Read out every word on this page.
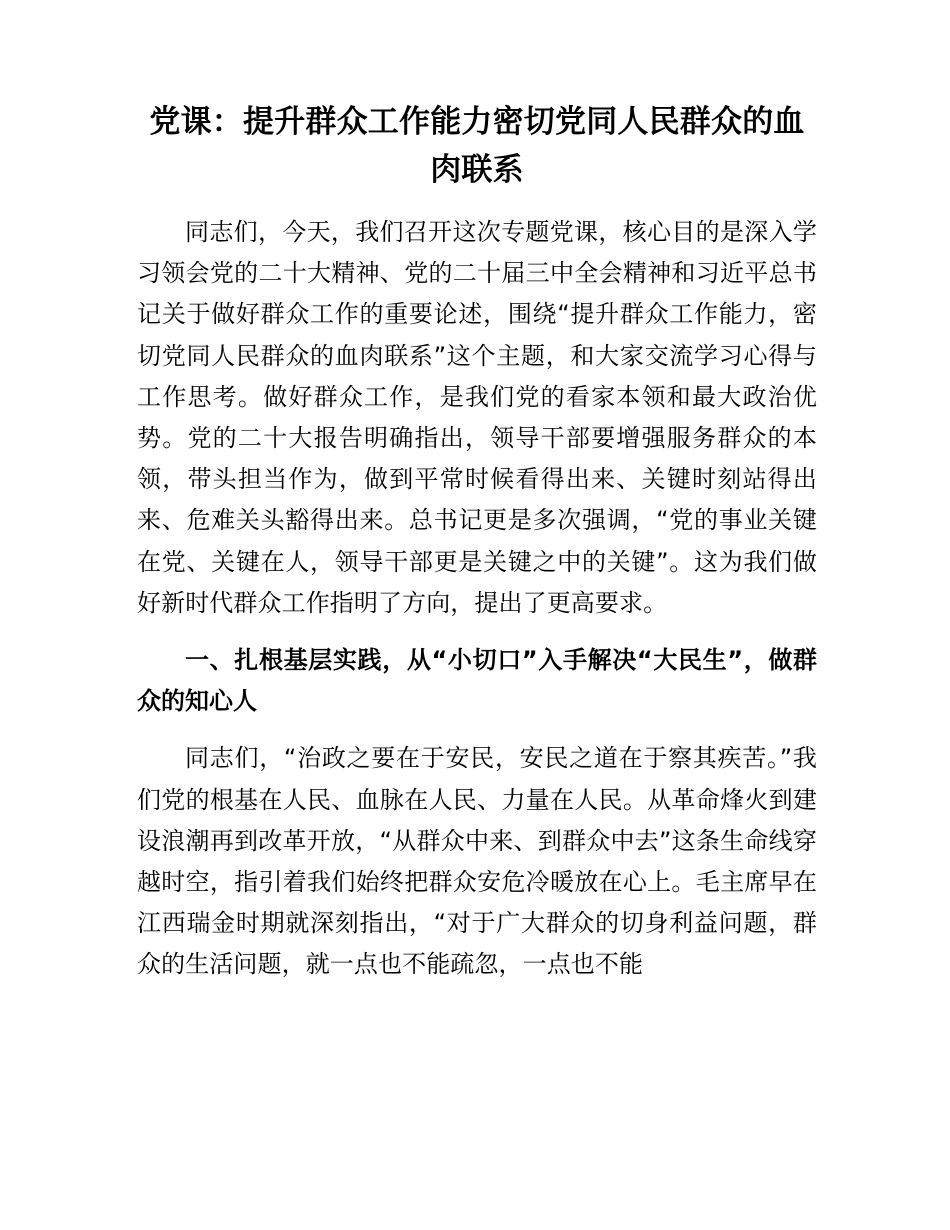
党课：提升群众工作能力密切党同人民群众的血肉联系

同志们，今天，我们召开这次专题党课，核心目的是深入学习领会党的二十大精神、党的二十届三中全会精神和习近平总书记关于做好群众工作的重要论述，围绕“提升群众工作能力，密切党同人民群众的血肉联系”这个主题，和大家交流学习心得与工作思考。做好群众工作，是我们党的看家本领和最大政治优势。党的二十大报告明确指出，领导干部要增强服务群众的本领，带头担当作为，做到平常时候看得出来、关键时刻站得出来、危难关头豁得出来。总书记更是多次强调，“党的事业关键在党、关键在人，领导干部更是关键之中的关键”。这为我们做好新时代群众工作指明了方向，提出了更高要求。

一、扎根基层实践，从“小切口”入手解决“大民生”，做群众的知心人

同志们，“治政之要在于安民，安民之道在于察其疾苦。”我们党的根基在人民、血脉在人民、力量在人民。从革命烽火到建设浪潮再到改革开放，“从群众中来、到群众中去”这条生命线穿越时空，指引着我们始终把群众安危冷暖放在心上。毛主席早在江西瑞金时期就深刻指出，“对于广大群众的切身利益问题，群众的生活问题，就一点也不能疏忽，一点也不能
